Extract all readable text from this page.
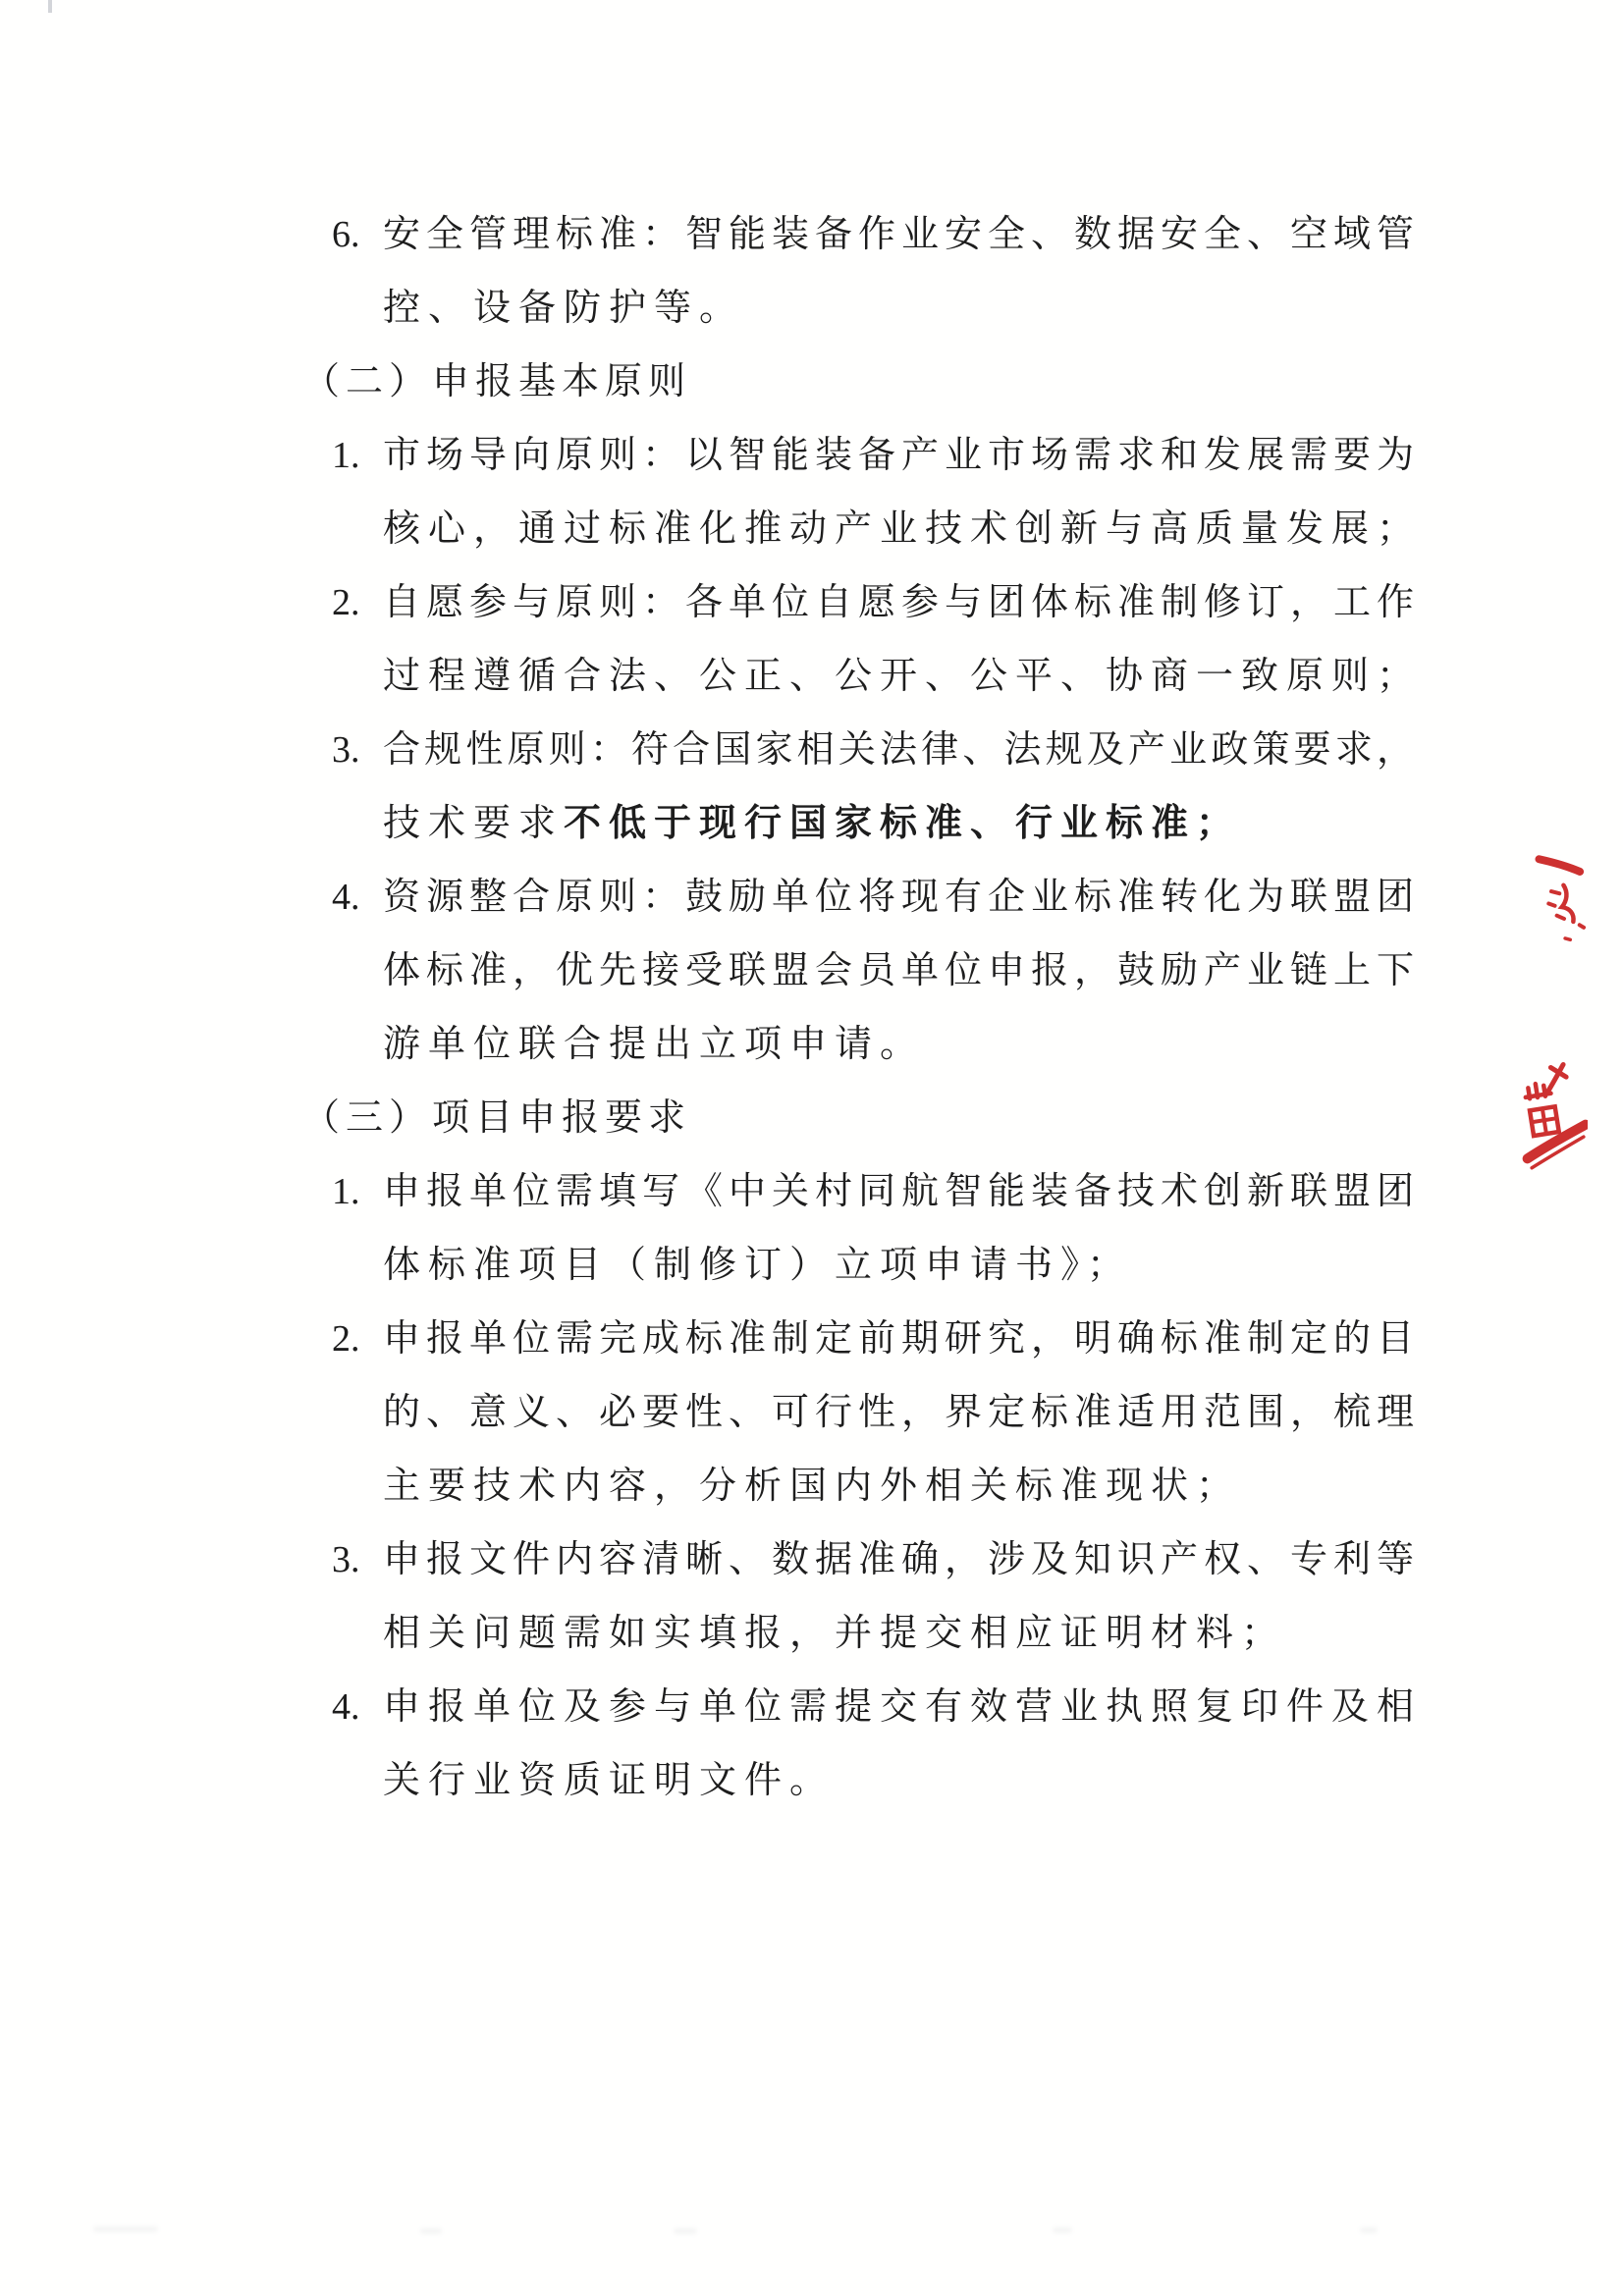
6. 安全管理标准：智能装备作业安全、数据安全、空域管
控、设备防护等。
（二）申报基本原则
1. 市场导向原则：以智能装备产业市场需求和发展需要为
核心，通过标准化推动产业技术创新与高质量发展；
2. 自愿参与原则：各单位自愿参与团体标准制修订，工作
过程遵循合法、公正、公开、公平、协商一致原则；
3. 合规性原则：符合国家相关法律、法规及产业政策要求，
技术要求不低于现行国家标准、行业标准；
4. 资源整合原则：鼓励单位将现有企业标准转化为联盟团
体标准，优先接受联盟会员单位申报，鼓励产业链上下
游单位联合提出立项申请。
（三）项目申报要求
1. 申报单位需填写《中关村同航智能装备技术创新联盟团
体标准项目（制修订）立项申请书》；
2. 申报单位需完成标准制定前期研究，明确标准制定的目
的、意义、必要性、可行性，界定标准适用范围，梳理
主要技术内容，分析国内外相关标准现状；
3. 申报文件内容清晰、数据准确，涉及知识产权、专利等
相关问题需如实填报，并提交相应证明材料；
4. 申报单位及参与单位需提交有效营业执照复印件及相
关行业资质证明文件。
